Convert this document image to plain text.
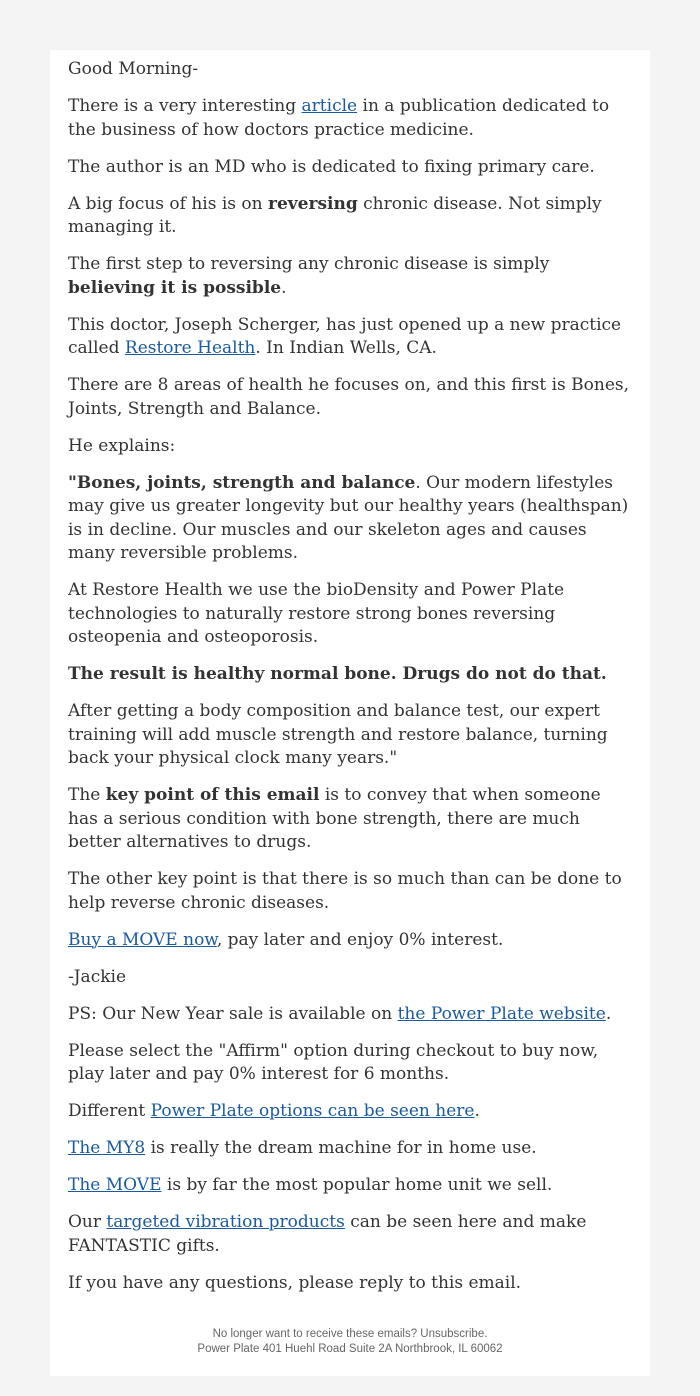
Good Morning-

There is a very interesting article in a publication dedicated to the business of how doctors practice medicine.

The author is an MD who is dedicated to fixing primary care.

A big focus of his is on reversing chronic disease. Not simply managing it.

The first step to reversing any chronic disease is simply believing it is possible.

This doctor, Joseph Scherger, has just opened up a new practice called Restore Health. In Indian Wells, CA.

There are 8 areas of health he focuses on, and this first is Bones, Joints, Strength and Balance.

He explains:

"Bones, joints, strength and balance. Our modern lifestyles may give us greater longevity but our healthy years (healthspan) is in decline. Our muscles and our skeleton ages and causes many reversible problems.

At Restore Health we use the bioDensity and Power Plate technologies to naturally restore strong bones reversing osteopenia and osteoporosis.

The result is healthy normal bone. Drugs do not do that.

After getting a body composition and balance test, our expert training will add muscle strength and restore balance, turning back your physical clock many years."

The key point of this email is to convey that when someone has a serious condition with bone strength, there are much better alternatives to drugs.

The other key point is that there is so much than can be done to help reverse chronic diseases.

Buy a MOVE now, pay later and enjoy 0% interest.

-Jackie

PS: Our New Year sale is available on the Power Plate website.

Please select the "Affirm" option during checkout to buy now, play later and pay 0% interest for 6 months.

Different Power Plate options can be seen here.

The MY8 is really the dream machine for in home use.

The MOVE is by far the most popular home unit we sell.

Our targeted vibration products can be seen here and make FANTASTIC gifts.

If you have any questions, please reply to this email.

No longer want to receive these emails? Unsubscribe.
Power Plate 401 Huehl Road Suite 2A Northbrook, IL 60062
